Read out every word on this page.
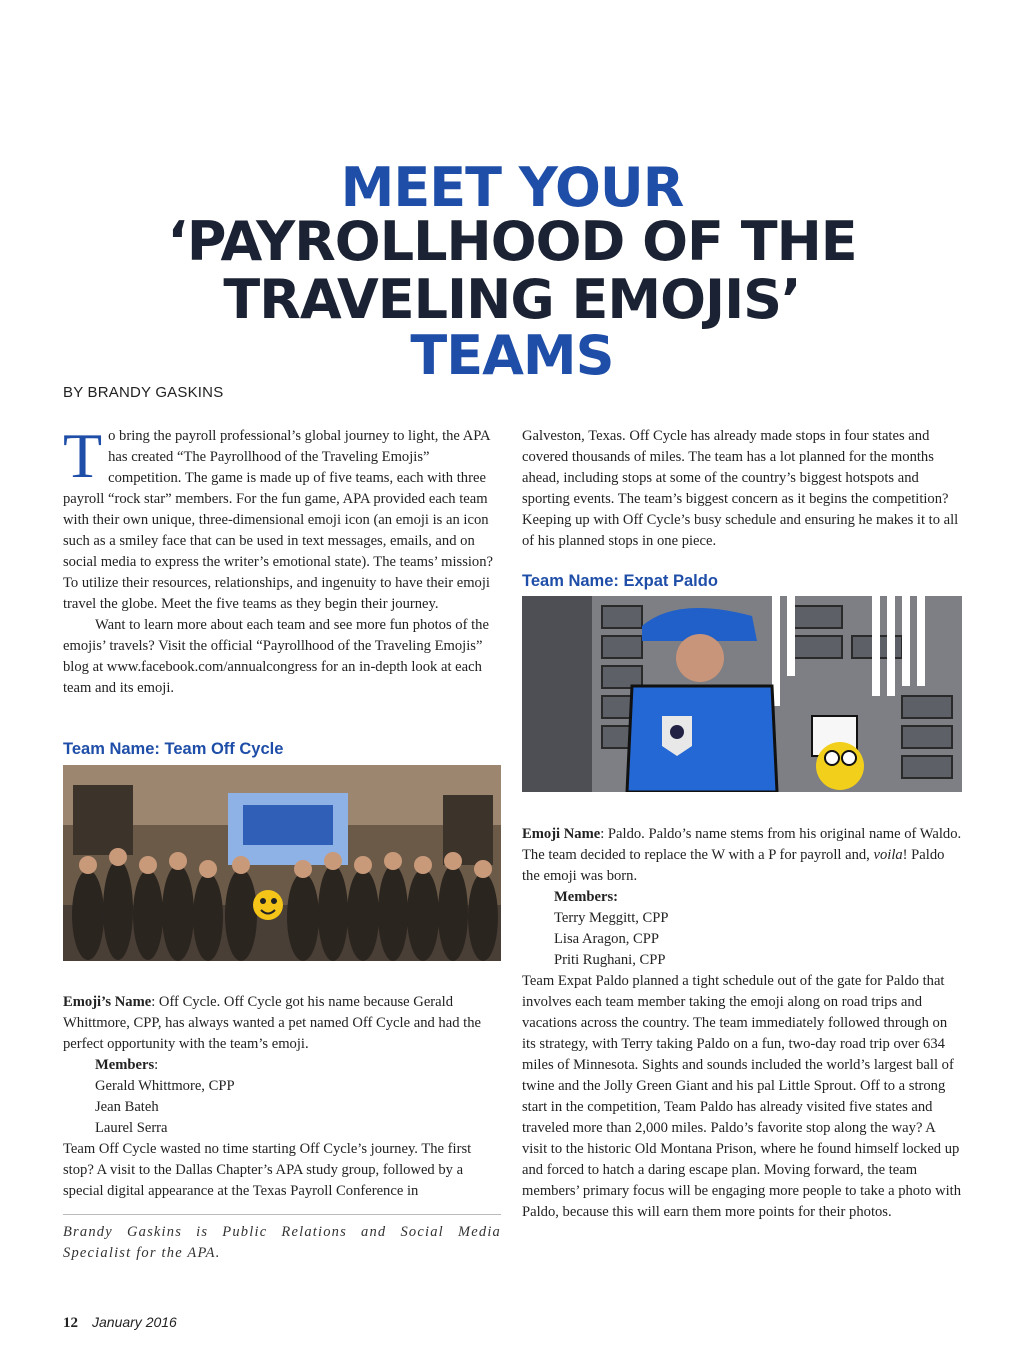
MEET YOUR
‘PAYROLLHOOD OF THE
TRAVELING EMOJIS’
TEAMS
BY BRANDY GASKINS

To bring the payroll professional’s global journey to light, the APA has created “The Payrollhood of the Traveling Emojis” competition. The game is made up of five teams, each with three payroll “rock star” members. For the fun game, APA provided each team with their own unique, three-dimensional emoji icon (an emoji is an icon such as a smiley face that can be used in text messages, emails, and on social media to express the writer’s emotional state). The teams’ mission? To utilize their resources, relationships, and ingenuity to have their emoji travel the globe. Meet the five teams as they begin their journey.

Want to learn more about each team and see more fun photos of the emojis’ travels? Visit the official “Payrollhood of the Traveling Emojis” blog at www.facebook.com/annualcongress for an in-depth look at each team and its emoji.

Team Name: Team Off Cycle

Emoji’s Name: Off Cycle. Off Cycle got his name because Gerald Whittmore, CPP, has always wanted a pet named Off Cycle and had the perfect opportunity with the team’s emoji.

Members:

Gerald Whittmore, CPP

Jean Bateh

Laurel Serra

Team Off Cycle wasted no time starting Off Cycle’s journey. The first stop? A visit to the Dallas Chapter’s APA study group, followed by a special digital appearance at the Texas Payroll Conference in

Brandy Gaskins is Public Relations and Social Media Specialist for the APA.

Galveston, Texas. Off Cycle has already made stops in four states and covered thousands of miles. The team has a lot planned for the months ahead, including stops at some of the country’s biggest hotspots and sporting events. The team’s biggest concern as it begins the competition? Keeping up with Off Cycle’s busy schedule and ensuring he makes it to all of his planned stops in one piece.

Team Name: Expat Paldo

Emoji Name: Paldo. Paldo’s name stems from his original name of Waldo. The team decided to replace the W with a P for payroll and, voila! Paldo the emoji was born.

Members:

Terry Meggitt, CPP

Lisa Aragon, CPP

Priti Rughani, CPP

Team Expat Paldo planned a tight schedule out of the gate for Paldo that involves each team member taking the emoji along on road trips and vacations across the country. The team immediately followed through on its strategy, with Terry taking Paldo on a fun, two-day road trip over 634 miles of Minnesota. Sights and sounds included the world’s largest ball of twine and the Jolly Green Giant and his pal Little Sprout. Off to a strong start in the competition, Team Paldo has already visited five states and traveled more than 2,000 miles. Paldo’s favorite stop along the way? A visit to the historic Old Montana Prison, where he found himself locked up and forced to hatch a daring escape plan. Moving forward, the team members’ primary focus will be engaging more people to take a photo with Paldo, because this will earn them more points for their photos.

12 January 2016
